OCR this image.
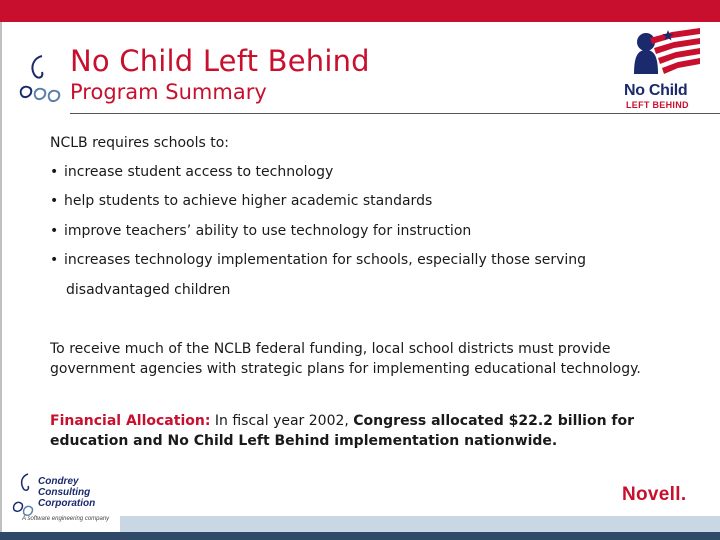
No Child Left Behind
Program Summary	No Child
LEFT BEHIND
NCLB requires schools to:
• increase student access to technology
• help students to achieve higher academic standards
• improve teachers’ ability to use technology for instruction
• increases technology implementation for schools, especially those serving
disadvantaged children
To receive much of the NCLB federal funding, local school districts must provide government agencies with strategic plans for implementing educational technology.
Financial Allocation: In fiscal year 2002, Congress allocated $22.2 billion for education and No Child Left Behind implementation nationwide.
Condrey
Consulting
Corporation
A software engineering company
Novell.
